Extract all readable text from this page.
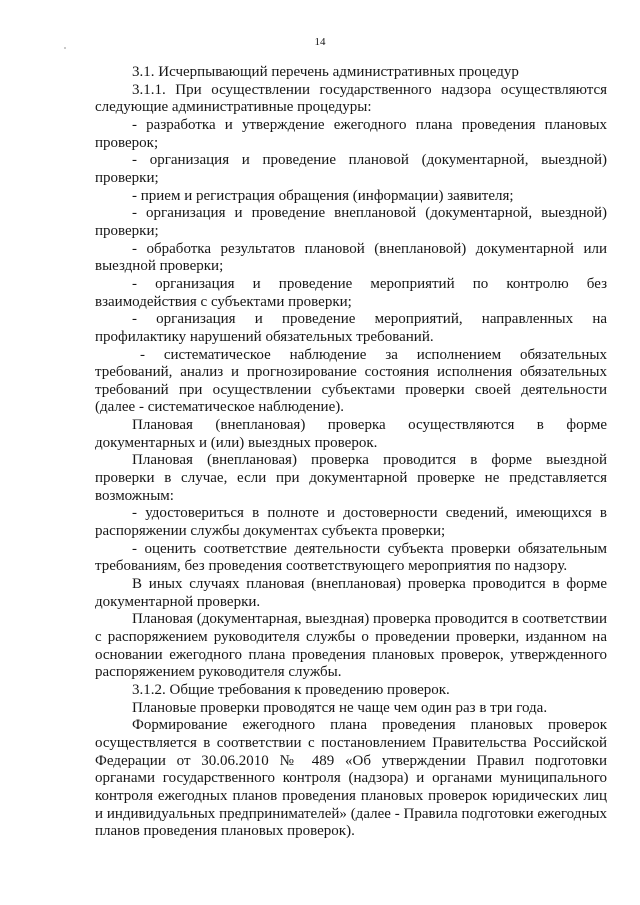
14

3.1. Исчерпывающий перечень административных процедур

3.1.1. При осуществлении государственного надзора осуществляются следующие административные процедуры:

- разработка и утверждение ежегодного плана проведения плановых проверок;

- организация и проведение плановой (документарной, выездной) проверки;

- прием и регистрация обращения (информации) заявителя;

- организация и проведение внеплановой (документарной, выездной) проверки;

- обработка результатов плановой (внеплановой) документарной или выездной проверки;

- организация и проведение мероприятий по контролю без взаимодействия с субъектами проверки;

- организация и проведение мероприятий, направленных на профилактику нарушений обязательных требований.

- систематическое наблюдение за исполнением обязательных требований, анализ и прогнозирование состояния исполнения обязательных требований при осуществлении субъектами проверки своей деятельности (далее - систематическое наблюдение).

Плановая (внеплановая) проверка осуществляются в форме документарных и (или) выездных проверок.

Плановая (внеплановая) проверка проводится в форме выездной проверки в случае, если при документарной проверке не представляется возможным:

- удостовериться в полноте и достоверности сведений, имеющихся в распоряжении службы документах субъекта проверки;

- оценить соответствие деятельности субъекта проверки обязательным требованиям, без проведения соответствующего мероприятия по надзору.

В иных случаях плановая (внеплановая) проверка проводится в форме документарной проверки.

Плановая (документарная, выездная) проверка проводится в соответствии с распоряжением руководителя службы о проведении проверки, изданном на основании ежегодного плана проведения плановых проверок, утвержденного распоряжением руководителя службы.

3.1.2. Общие требования к проведению проверок.

Плановые проверки проводятся не чаще чем один раз в три года.

Формирование ежегодного плана проведения плановых проверок осуществляется в соответствии с постановлением Правительства Российской Федерации от 30.06.2010 № 489 «Об утверждении Правил подготовки органами государственного контроля (надзора) и органами муниципального контроля ежегодных планов проведения плановых проверок юридических лиц и индивидуальных предпринимателей» (далее - Правила подготовки ежегодных планов проведения плановых проверок).
